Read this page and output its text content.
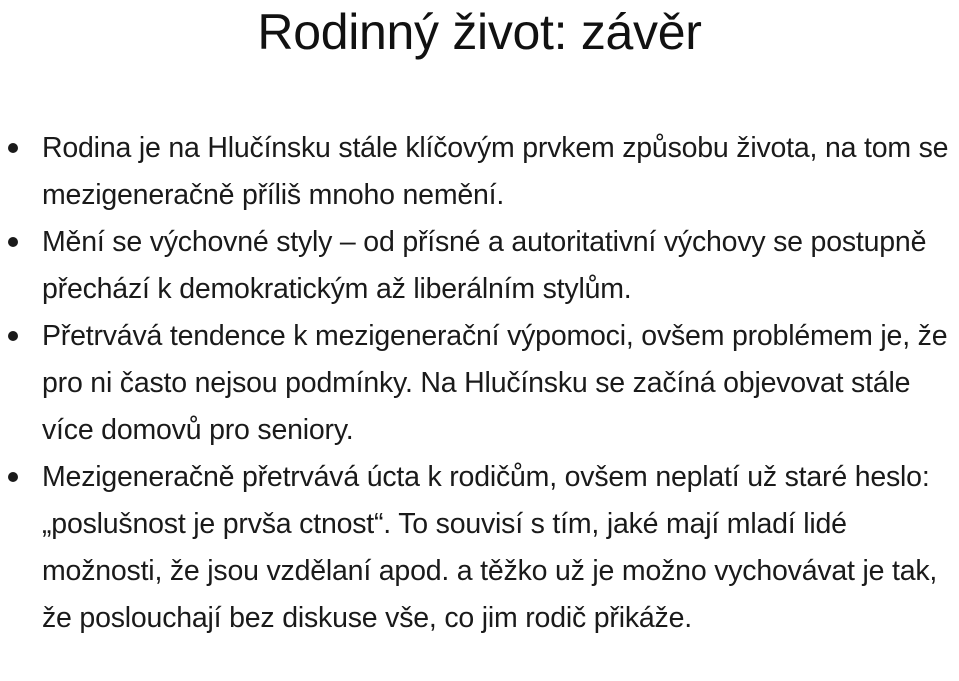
Rodinný život: závěr
Rodina je na Hlučínsku stále klíčovým prvkem způsobu života, na tom se mezigeneračně příliš mnoho nemění.
Mění se výchovné styly – od přísné a autoritativní výchovy se postupně přechází k demokratickým až liberálním stylům.
Přetrvává tendence k mezigenerační výpomoci, ovšem problémem je, že pro ni často nejsou podmínky. Na Hlučínsku se začíná objevovat stále více domovů pro seniory.
Mezigeneračně přetrvává úcta k rodičům, ovšem neplatí už staré heslo: „poslušnost je prvša ctnost“. To souvisí s tím, jaké mají mladí lidé možnosti, že jsou vzdělaní apod. a těžko už je možno vychovávat je tak, že poslouchají bez diskuse vše, co jim rodič přikáže.
